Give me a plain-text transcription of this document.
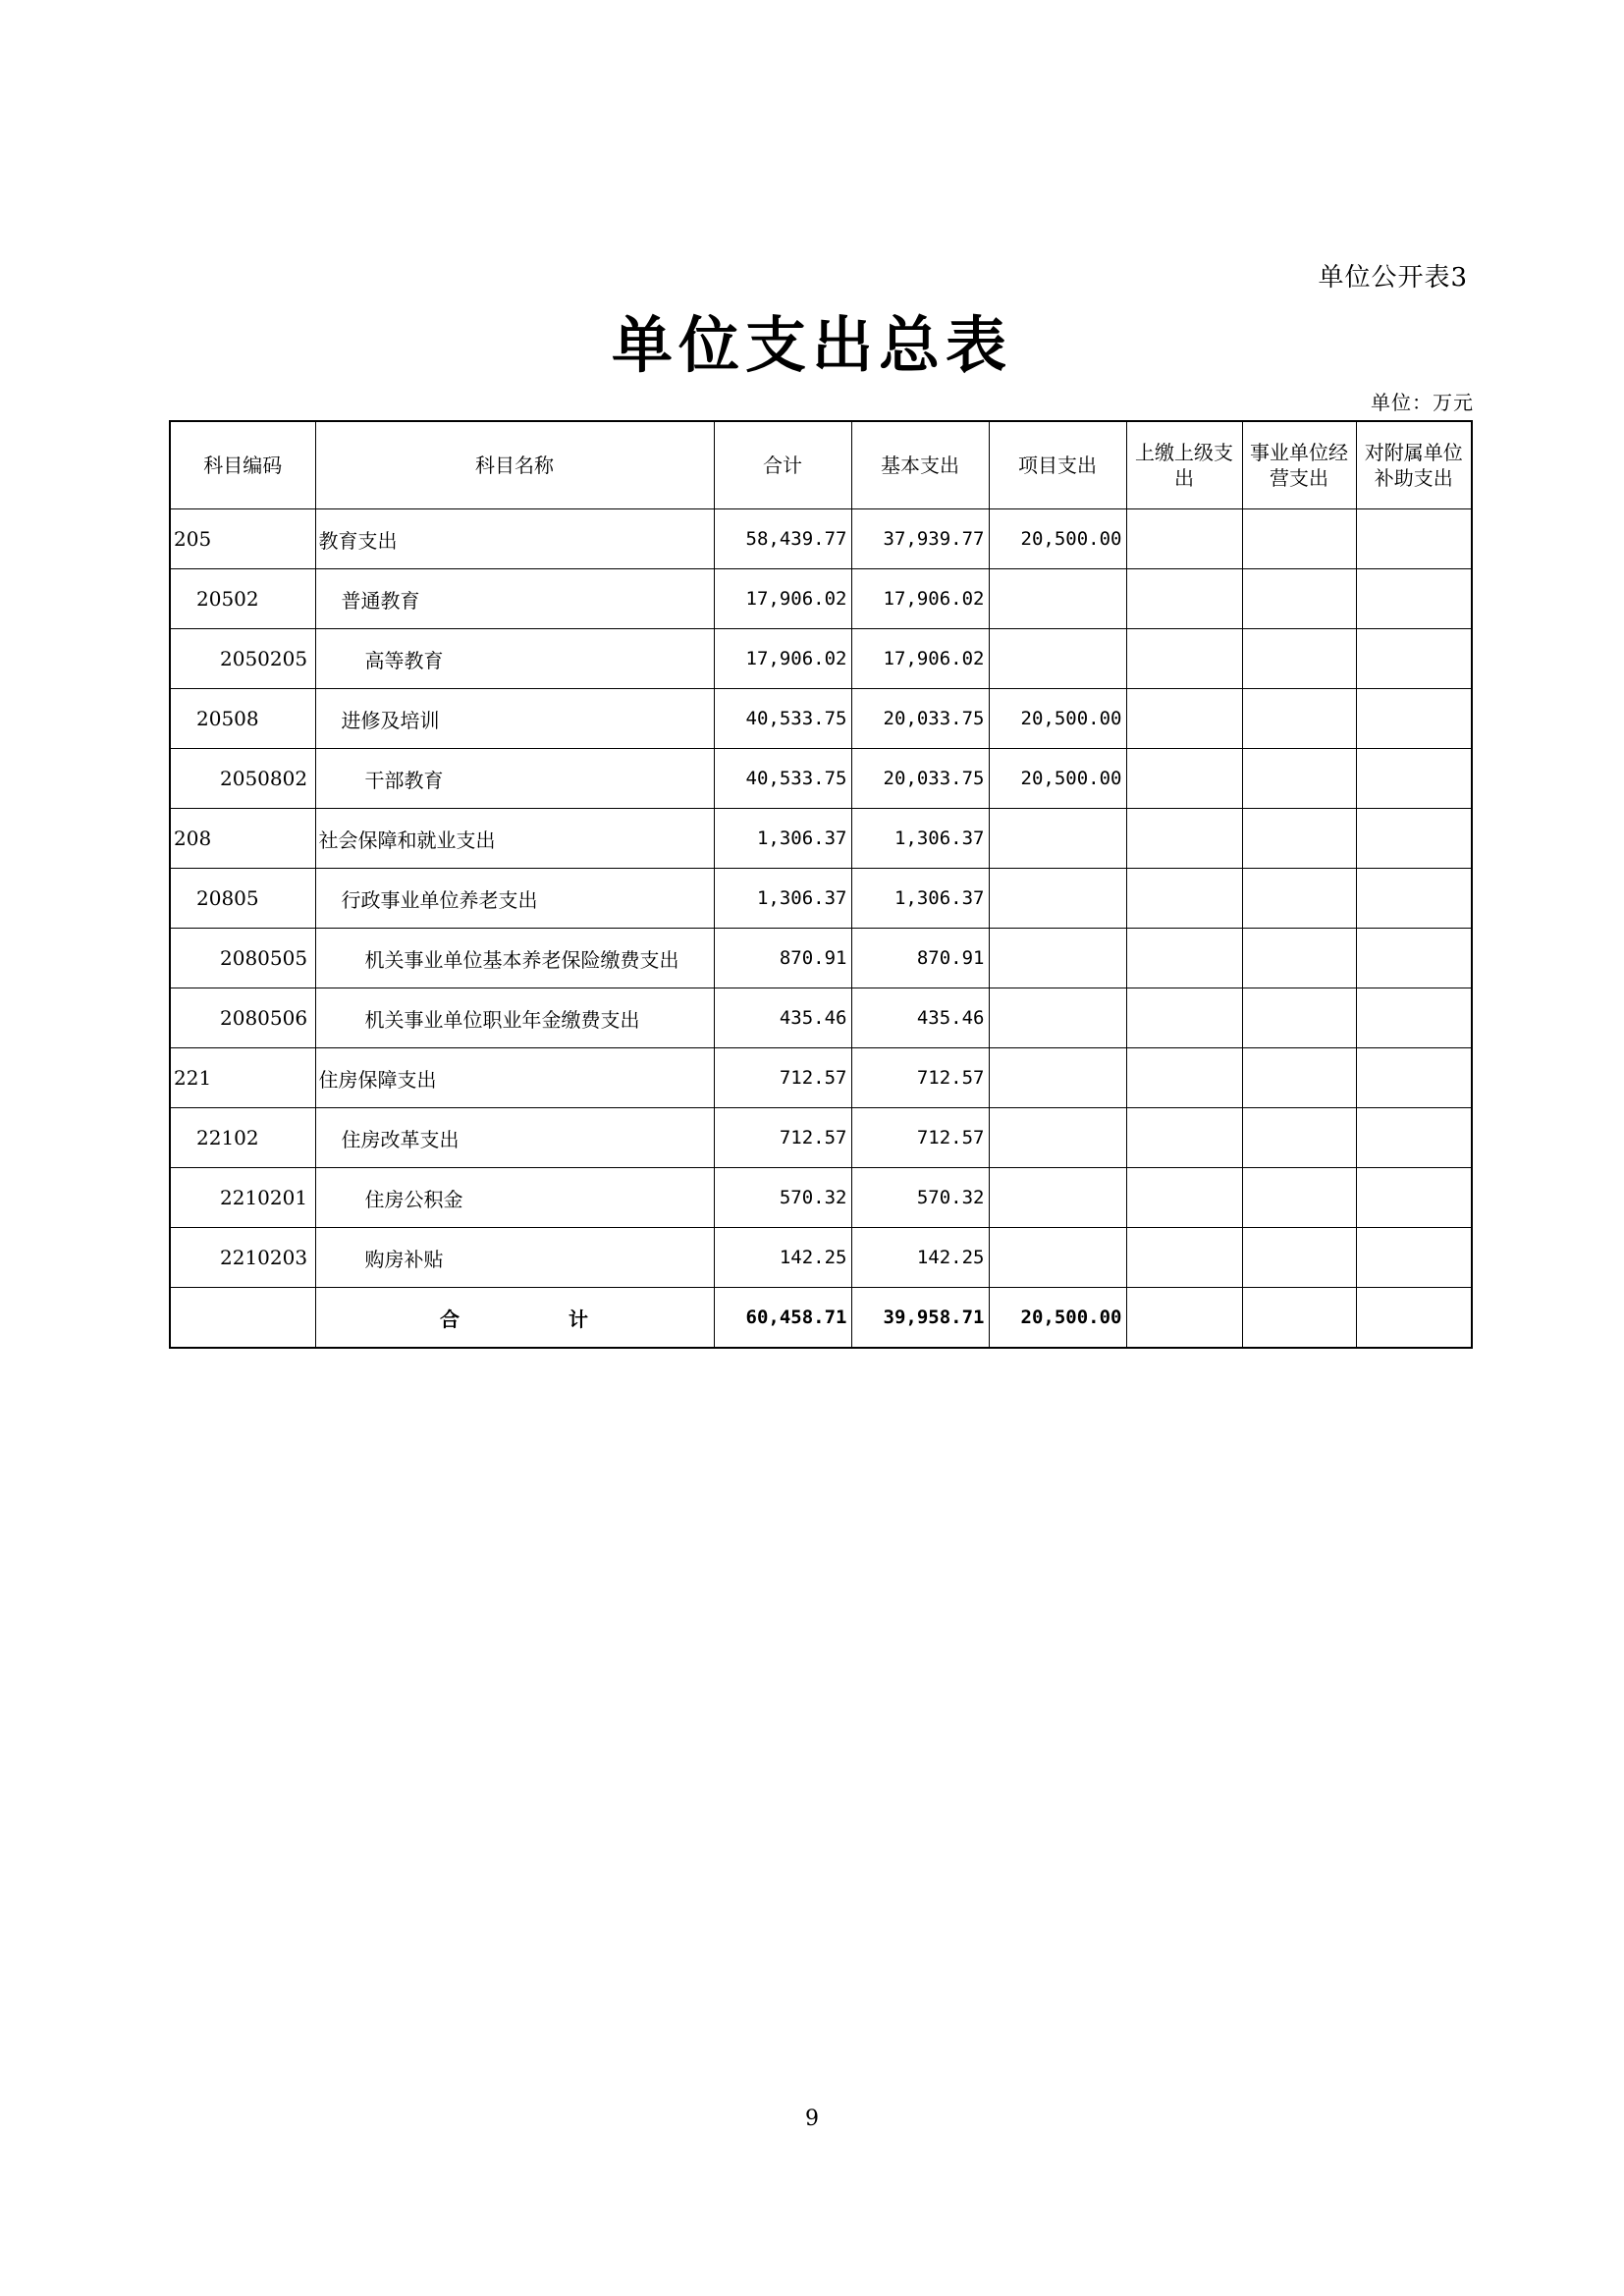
单位公开表3
单位支出总表
单位：万元
科目编码	科目名称	合计	基本支出	项目支出	上缴上级支出	事业单位经营支出	对附属单位补助支出
205	教育支出	58,439.77	37,939.77	20,500.00			
20502	普通教育	17,906.02	17,906.02				
2050205	高等教育	17,906.02	17,906.02				
20508	进修及培训	40,533.75	20,033.75	20,500.00			
2050802	干部教育	40,533.75	20,033.75	20,500.00			
208	社会保障和就业支出	1,306.37	1,306.37				
20805	行政事业单位养老支出	1,306.37	1,306.37				
2080505	机关事业单位基本养老保险缴费支出	870.91	870.91				
2080506	机关事业单位职业年金缴费支出	435.46	435.46				
221	住房保障支出	712.57	712.57				
22102	住房改革支出	712.57	712.57				
2210201	住房公积金	570.32	570.32				
2210203	购房补贴	142.25	142.25				
	合 计	60,458.71	39,958.71	20,500.00			
9
